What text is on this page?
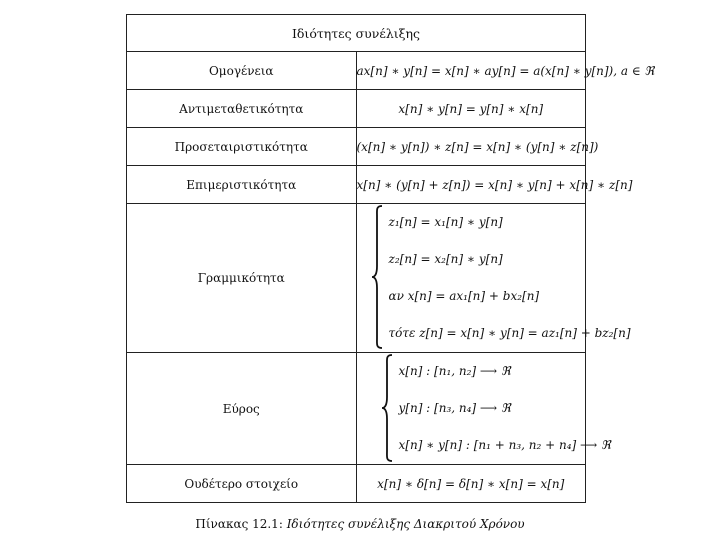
Ιδιότητες συνέλιξης	
Ομογένεια	ax[n] ∗ y[n] = x[n] ∗ ay[n] = a(x[n] ∗ y[n]), a ∈ ℜ
Αντιμεταθετικότητα	x[n] ∗ y[n] = y[n] ∗ x[n]
Προσεταιριστικότητα	(x[n] ∗ y[n]) ∗ z[n] = x[n] ∗ (y[n] ∗ z[n])
Επιμεριστικότητα	x[n] ∗ (y[n] + z[n]) = x[n] ∗ y[n] + x[n] ∗ z[n]
Γραμμικότητα	z₁[n] = x₁[n] ∗ y[n]
z₂[n] = x₂[n] ∗ y[n]
αν x[n] = ax₁[n] + bx₂[n]
τότε z[n] = x[n] ∗ y[n] = az₁[n] + bz₂[n]

Εύρος	x[n] : [n₁, n₂] ⟶ ℜ
y[n] : [n₃, n₄] ⟶ ℜ
x[n] ∗ y[n] : [n₁ + n₃, n₂ + n₄] ⟶ ℜ

Ουδέτερο στοιχείο	x[n] ∗ δ[n] = δ[n] ∗ x[n] = x[n]
Πίνακας 12.1: Ιδιότητες συνέλιξης Διακριτού Χρόνου
